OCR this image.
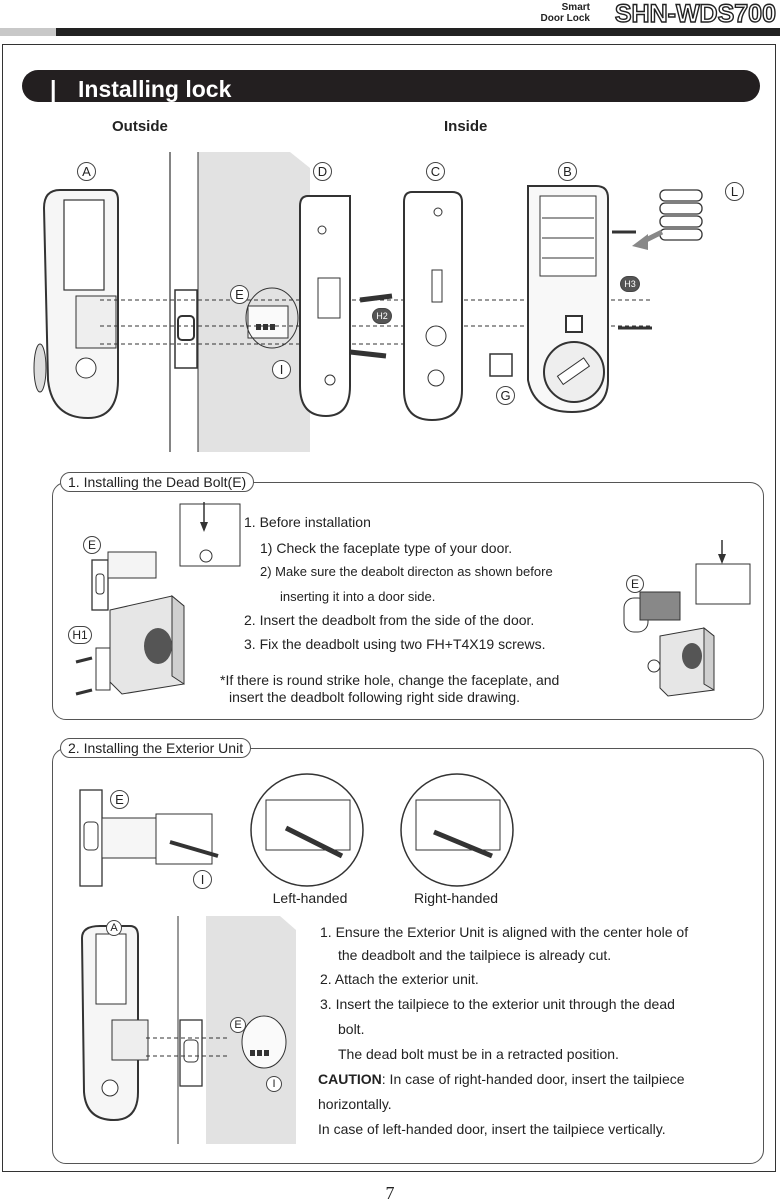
Smart
Door Lock SHN-WDS700
| Installing lock
Outside	Inside
A	D	C	B
L
E
I
G
H2
H3
1. Installing the Dead Bolt(E)
E
H1
1. Before installation
1) Check the faceplate type of your door.
2) Make sure the deabolt directon as shown before
inserting it into a door side.
2. Insert the deadbolt from the side of the door.
3. Fix the deadbolt using two FH+T4X19 screws.
*If there is round strike hole, change the faceplate, and
insert the deadbolt following right side drawing.
E
2. Installing the Exterior Unit
E
I
Left-handed	Right-handed
A
E
I
1. Ensure the Exterior Unit is aligned with the center hole of
the deadbolt and the tailpiece is already cut.
2. Attach the exterior unit.
3. Insert the tailpiece to the exterior unit through the dead
bolt.
The dead bolt must be in a retracted position.
CAUTION: In case of right-handed door, insert the tailpiece
horizontally.
In case of left-handed door, insert the tailpiece vertically.
7
